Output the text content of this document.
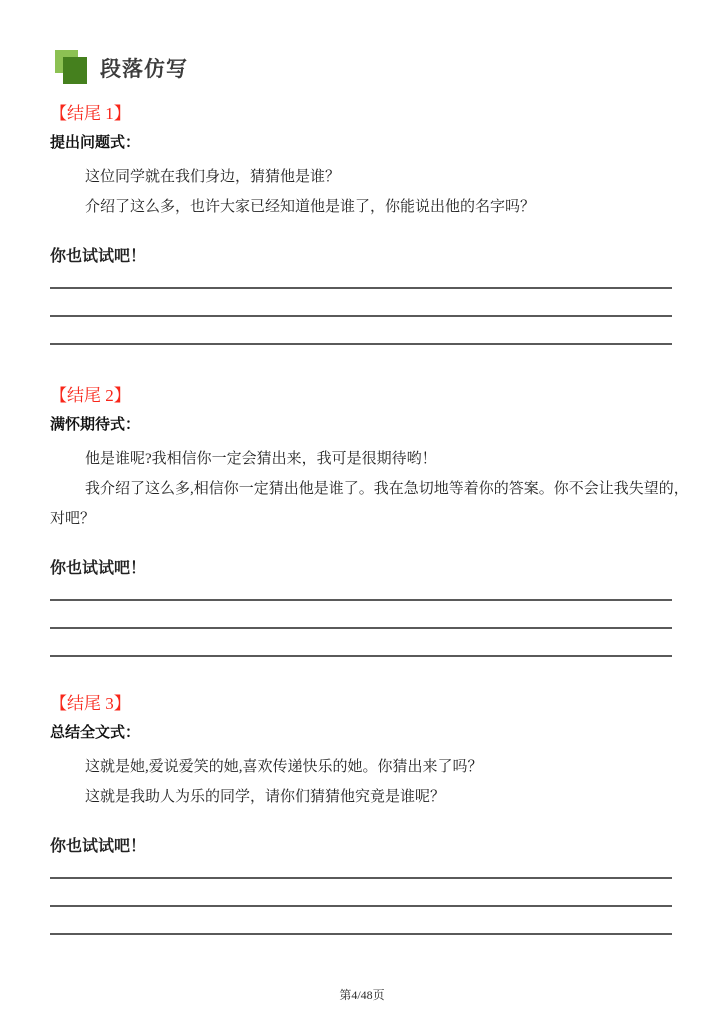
段落仿写
【结尾 1】
提出问题式：

这位同学就在我们身边，猜猜他是谁？

介绍了这么多，也许大家已经知道他是谁了，你能说出他的名字吗？

你也试试吧！
【结尾 2】
满怀期待式：

他是谁呢?我相信你一定会猜出来，我可是很期待哟！

我介绍了这么多,相信你一定猜出他是谁了。我在急切地等着你的答案。你不会让我失望的，对吧？

你也试试吧！
【结尾 3】
总结全文式：

这就是她,爱说爱笑的她,喜欢传递快乐的她。你猜出来了吗？

这就是我助人为乐的同学，请你们猜猜他究竟是谁呢？

你也试试吧！
第4/48页
